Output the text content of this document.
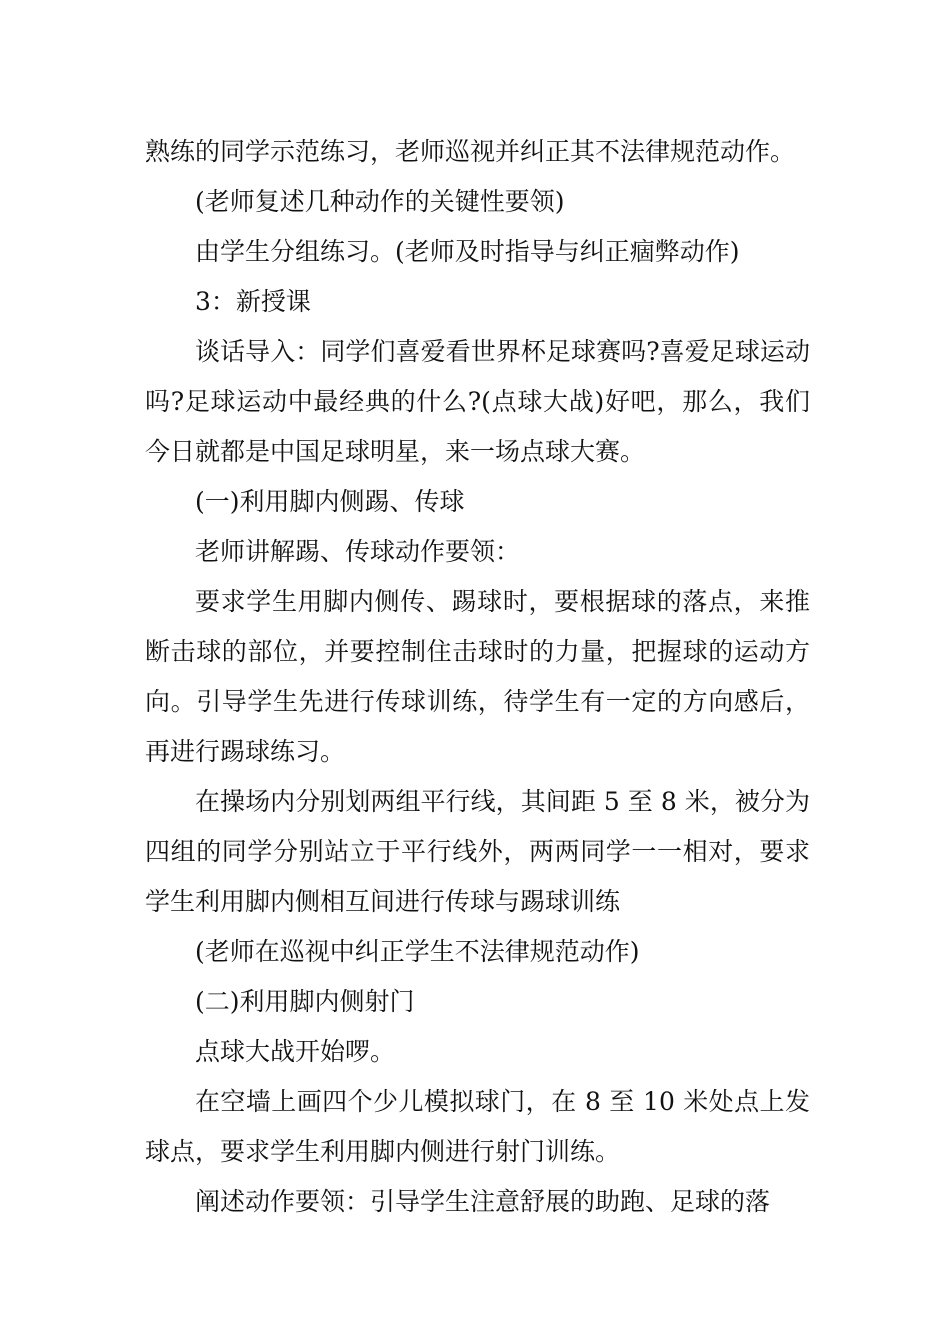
熟练的同学示范练习，老师巡视并纠正其不法律规范动作。

(老师复述几种动作的关键性要领)

由学生分组练习。(老师及时指导与纠正痼弊动作)

3：新授课

谈话导入：同学们喜爱看世界杯足球赛吗?喜爱足球运动吗?足球运动中最经典的什么?(点球大战)好吧，那么，我们今日就都是中国足球明星，来一场点球大赛。

(一)利用脚内侧踢、传球

老师讲解踢、传球动作要领：

要求学生用脚内侧传、踢球时，要根据球的落点，来推断击球的部位，并要控制住击球时的力量，把握球的运动方向。引导学生先进行传球训练，待学生有一定的方向感后，再进行踢球练习。

在操场内分别划两组平行线，其间距 5 至 8 米，被分为四组的同学分别站立于平行线外，两两同学一一相对，要求学生利用脚内侧相互间进行传球与踢球训练

(老师在巡视中纠正学生不法律规范动作)

(二)利用脚内侧射门

点球大战开始啰。

在空墙上画四个少儿模拟球门，在 8 至 10 米处点上发球点，要求学生利用脚内侧进行射门训练。

阐述动作要领：引导学生注意舒展的助跑、足球的落
